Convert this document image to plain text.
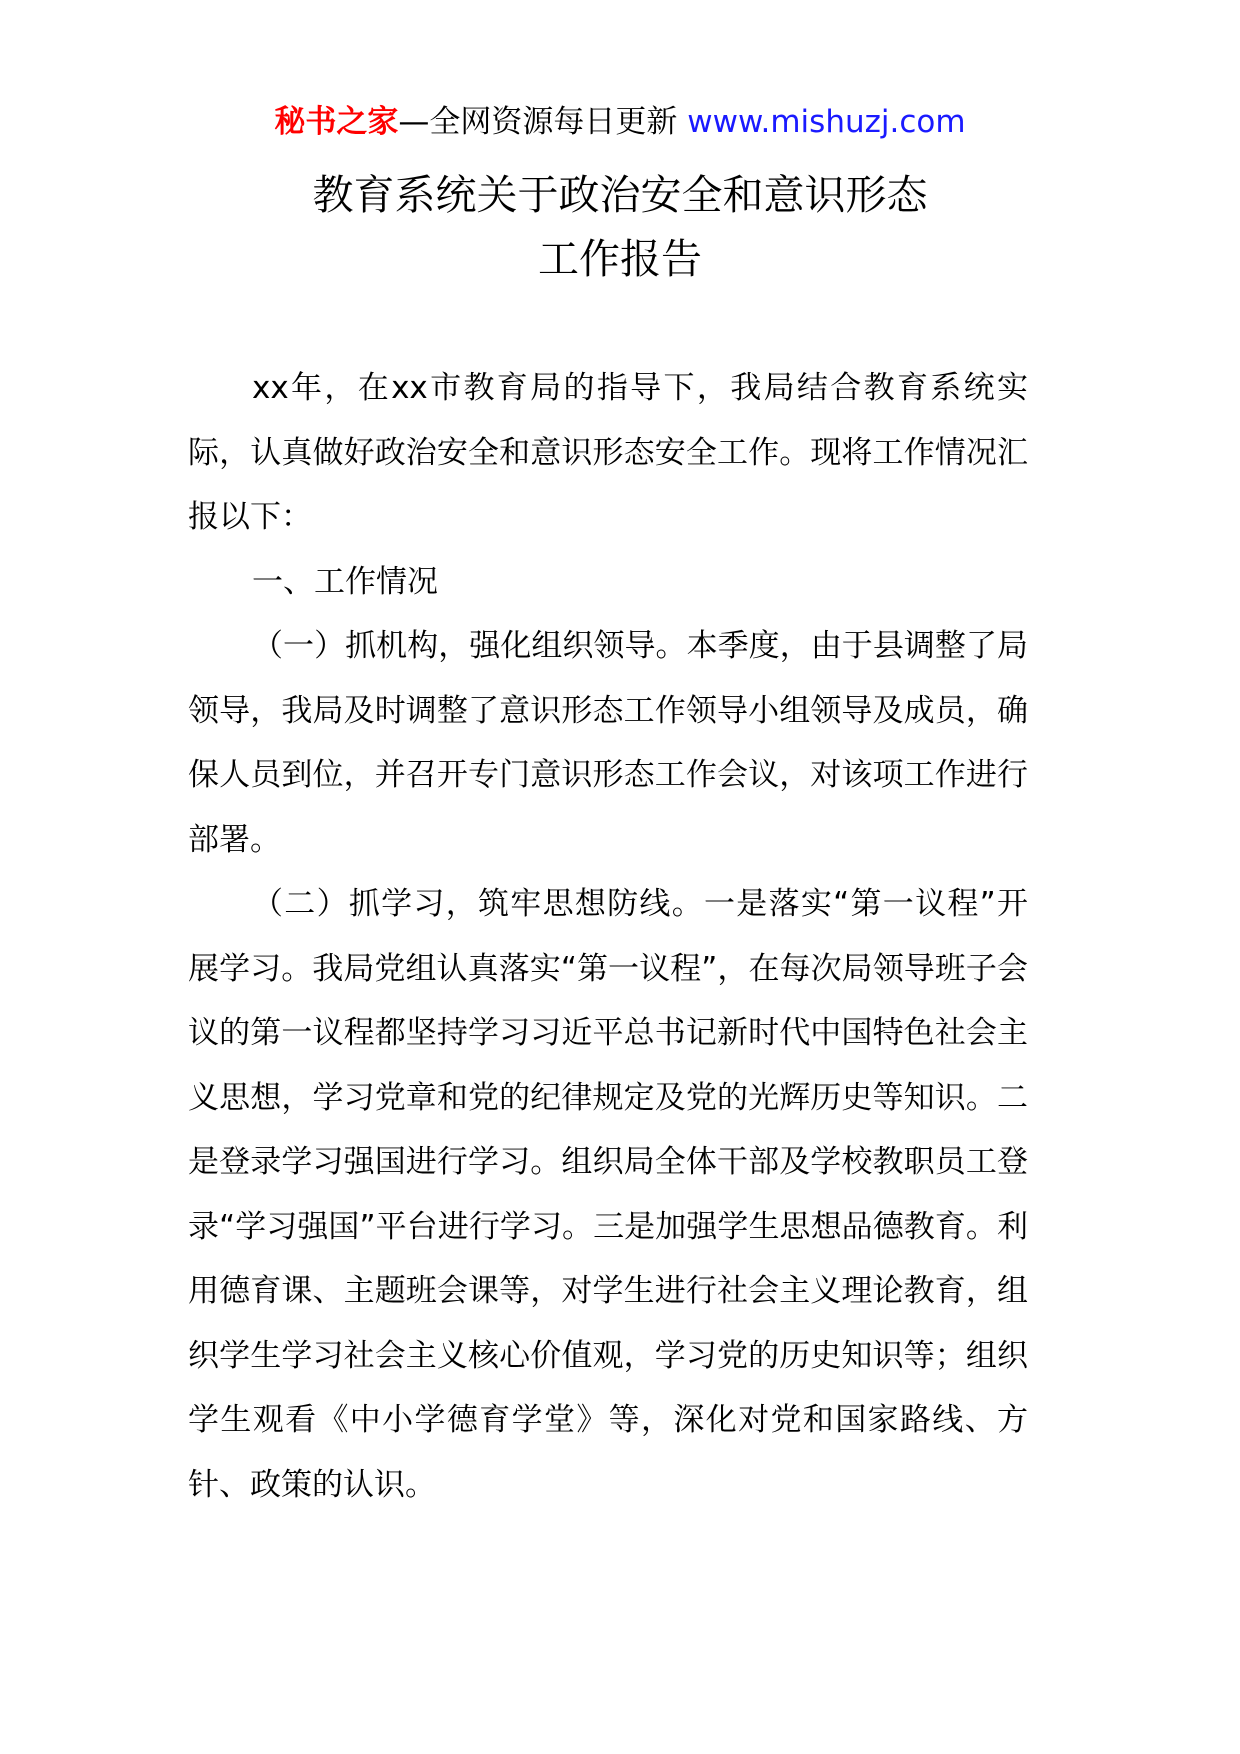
秘书之家—全网资源每日更新 www.mishuzj.com
教育系统关于政治安全和意识形态
工作报告

xx年，在xx市教育局的指导下，我局结合教育系统实际，认真做好政治安全和意识形态安全工作。现将工作情况汇报以下：

一、工作情况

（一）抓机构，强化组织领导。本季度，由于县调整了局领导，我局及时调整了意识形态工作领导小组领导及成员，确保人员到位，并召开专门意识形态工作会议，对该项工作进行部署。

（二）抓学习，筑牢思想防线。一是落实“第一议程”开展学习。我局党组认真落实“第一议程”，在每次局领导班子会议的第一议程都坚持学习习近平总书记新时代中国特色社会主义思想，学习党章和党的纪律规定及党的光辉历史等知识。二是登录学习强国进行学习。组织局全体干部及学校教职员工登录“学习强国”平台进行学习。三是加强学生思想品德教育。利用德育课、主题班会课等，对学生进行社会主义理论教育，组织学生学习社会主义核心价值观，学习党的历史知识等；组织学生观看《中小学德育学堂》等，深化对党和国家路线、方针、政策的认识。
